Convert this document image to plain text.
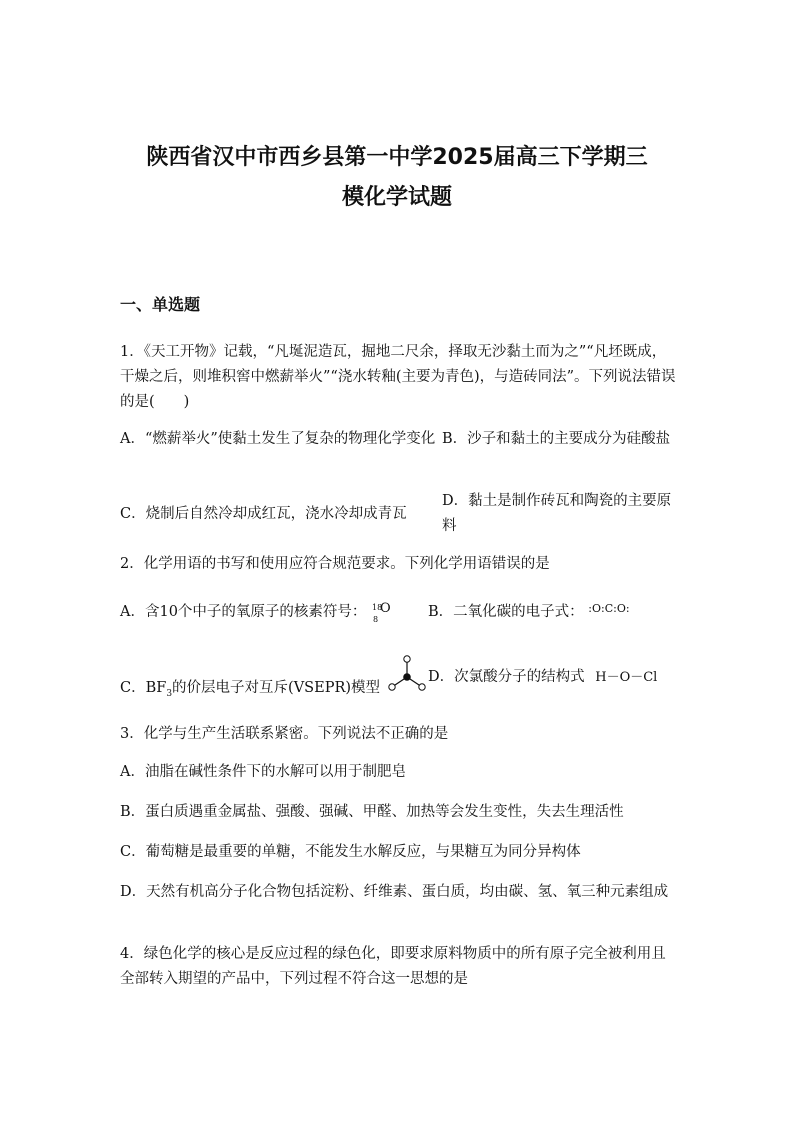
陕西省汉中市西乡县第一中学2025届高三下学期三
模化学试题
一、单选题
1．《天工开物》记载，“凡埏泥造瓦，掘地二尺余，择取无沙黏土而为之”“凡坯既成，干燥之后，则堆积窖中燃薪举火”“浇水转釉(主要为青色)，与造砖同法”。下列说法错误的是(　　)
A．“燃薪举火”使黏土发生了复杂的物理化学变化 B．沙子和黏土的主要成分为硅酸盐
C．烧制后自然冷却成红瓦，浇水冷却成青瓦
D．黏土是制作砖瓦和陶瓷的主要原料
2．化学用语的书写和使用应符合规范要求。下列化学用语错误的是
A．含10个中子的氧原子的核素符号： 18
8
O	B．二氧化碳的电子式： $^{:O:C:O:}$
C．$BF_3$的价层电子对互斥(VSEPR)模型
D．次氯酸分子的结构式 H－O－Cl
3．化学与生产生活联系紧密。下列说法不正确的是
A．油脂在碱性条件下的水解可以用于制肥皂
B．蛋白质遇重金属盐、强酸、强碱、甲醛、加热等会发生变性，失去生理活性
C．葡萄糖是最重要的单糖，不能发生水解反应，与果糖互为同分异构体
D．天然有机高分子化合物包括淀粉、纤维素、蛋白质，均由碳、氢、氧三种元素组成
4．绿色化学的核心是反应过程的绿色化，即要求原料物质中的所有原子完全被利用且全部转入期望的产品中，下列过程不符合这一思想的是
